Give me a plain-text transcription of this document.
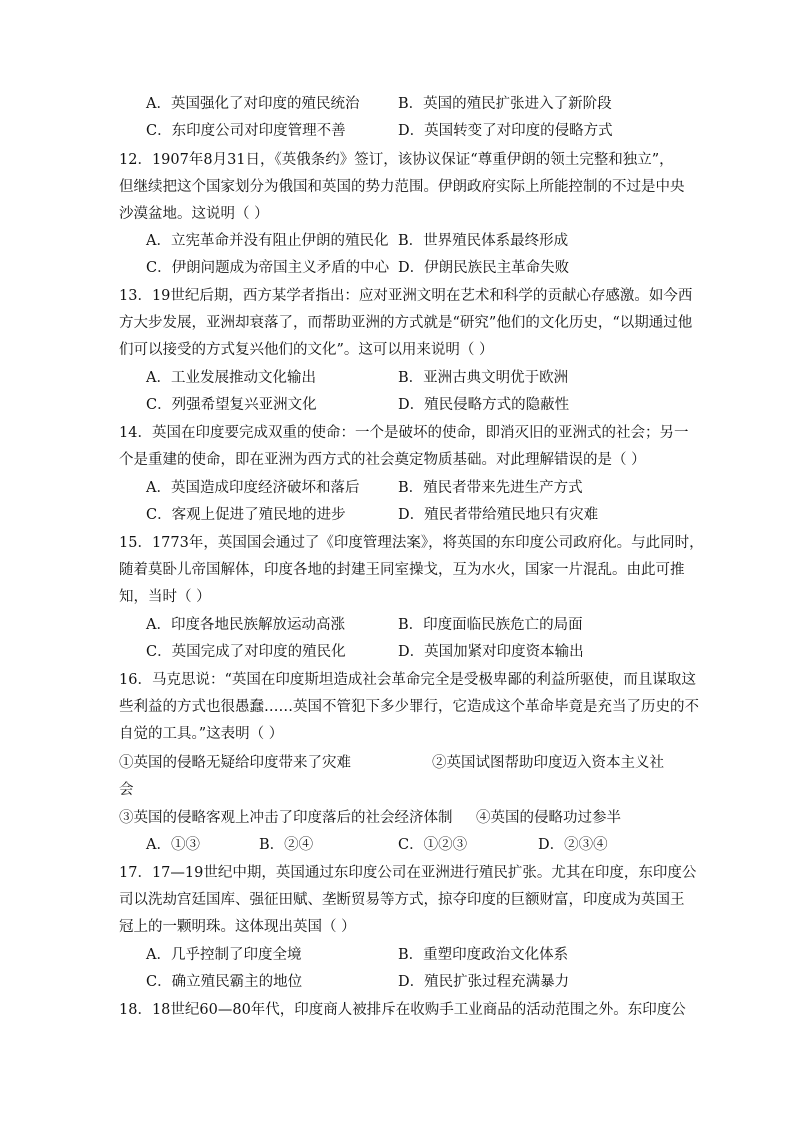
A．英国强化了对印度的殖民统治	B．英国的殖民扩张进入了新阶段
C．东印度公司对印度管理不善	D．英国转变了对印度的侵略方式
12．1907年8月31日，《英俄条约》签订，该协议保证“尊重伊朗的领土完整和独立”，
但继续把这个国家划分为俄国和英国的势力范围。伊朗政府实际上所能控制的不过是中央
沙漠盆地。这说明（ ）
A．立宪革命并没有阻止伊朗的殖民化 B．世界殖民体系最终形成
C．伊朗问题成为帝国主义矛盾的中心 D．伊朗民族民主革命失败
13．19世纪后期，西方某学者指出：应对亚洲文明在艺术和科学的贡献心存感激。如今西
方大步发展，亚洲却衰落了，而帮助亚洲的方式就是“研究”他们的文化历史，“以期通过他
们可以接受的方式复兴他们的文化”。这可以用来说明（ ）
A．工业发展推动文化输出	B．亚洲古典文明优于欧洲
C．列强希望复兴亚洲文化	D．殖民侵略方式的隐蔽性
14．英国在印度要完成双重的使命：一个是破坏的使命，即消灭旧的亚洲式的社会；另一
个是重建的使命，即在亚洲为西方式的社会奠定物质基础。对此理解错误的是（ ）
A．英国造成印度经济破坏和落后	B．殖民者带来先进生产方式
C．客观上促进了殖民地的进步	D．殖民者带给殖民地只有灾难
15．1773年，英国国会通过了《印度管理法案》，将英国的东印度公司政府化。与此同时，
随着莫卧儿帝国解体，印度各地的封建王同室操戈，互为水火，国家一片混乱。由此可推
知，当时（ ）
A．印度各地民族解放运动高涨	B．印度面临民族危亡的局面
C．英国完成了对印度的殖民化	D．英国加紧对印度资本输出
16．马克思说：“英国在印度斯坦造成社会革命完全是受极卑鄙的利益所驱使，而且谋取这
些利益的方式也很愚蠢……英国不管犯下多少罪行，它造成这个革命毕竟是充当了历史的不
自觉的工具。”这表明（ ）
①英国的侵略无疑给印度带来了灾难	②英国试图帮助印度迈入资本主义社
会
③英国的侵略客观上冲击了印度落后的社会经济体制 ④英国的侵略功过参半
A．①③	B．②④	C．①②③	D．②③④
17．17—19世纪中期，英国通过东印度公司在亚洲进行殖民扩张。尤其在印度，东印度公
司以洗劫宫廷国库、强征田赋、垄断贸易等方式，掠夺印度的巨额财富，印度成为英国王
冠上的一颗明珠。这体现出英国（ ）
A．几乎控制了印度全境	B．重塑印度政治文化体系
C．确立殖民霸主的地位	D．殖民扩张过程充满暴力
18．18世纪60—80年代，印度商人被排斥在收购手工业商品的活动范围之外。东印度公
